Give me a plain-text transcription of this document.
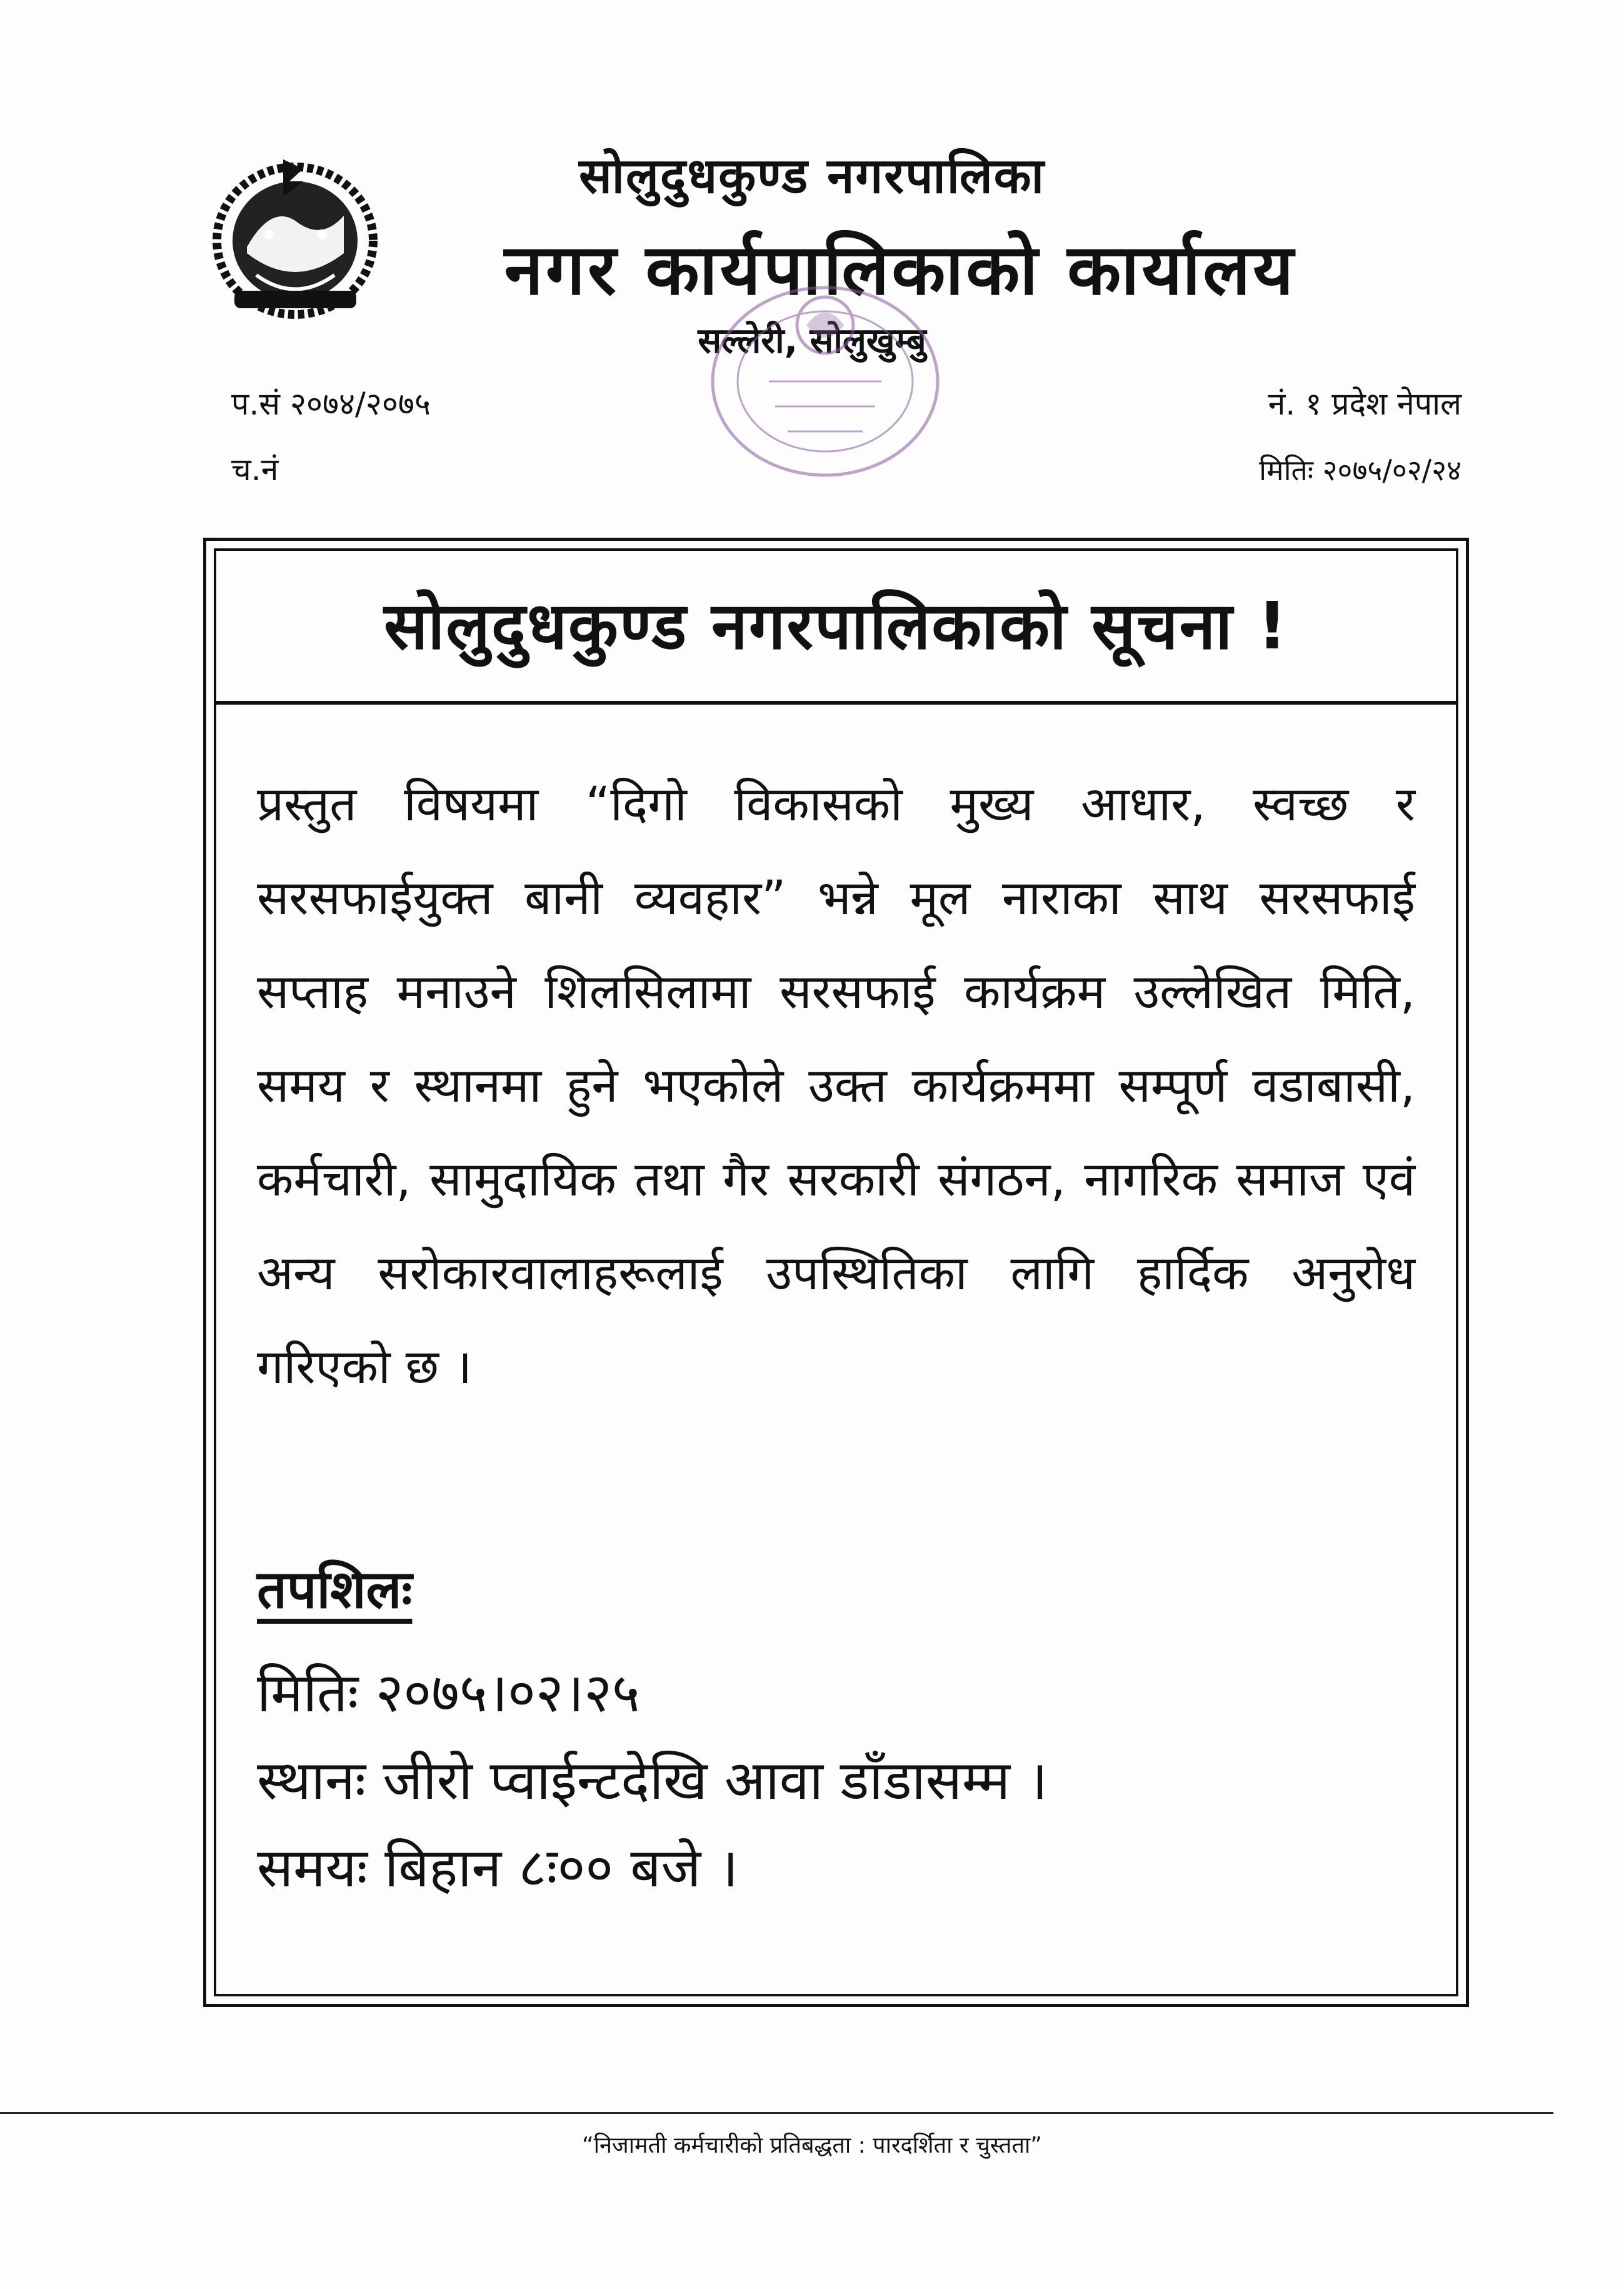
सोलुदुधकुण्ड नगरपालिका
नगर कार्यपालिकाको कार्यालय
सल्लेरी, सोलुखुम्बु
प.सं २०७४/२०७५
च.नं
नं. १ प्रदेश नेपाल
मितिः २०७५/०२/२४
सोलुदुधकुण्ड नगरपालिकाको सूचना !
प्रस्तुत विषयमा “दिगो विकासको मुख्य आधार, स्वच्छ र सरसफाईयुक्त बानी व्यवहार” भन्ने मूल नाराका साथ सरसफाई सप्ताह मनाउने शिलसिलामा सरसफाई कार्यक्रम उल्लेखित मिति, समय र स्थानमा हुने भएकोले उक्त कार्यक्रममा सम्पूर्ण वडाबासी, कर्मचारी, सामुदायिक तथा गैर सरकारी संगठन, नागरिक समाज एवं अन्य सरोकारवालाहरूलाई उपस्थितिका लागि हार्दिक अनुरोध गरिएको छ ।
तपशिलः
मितिः २०७५।०२।२५
स्थानः जीरो प्वाईन्टदेखि आवा डाँडासम्म ।
समयः बिहान ८ः०० बजे ।
“निजामती कर्मचारीको प्रतिबद्धता : पारदर्शिता र चुस्तता”
